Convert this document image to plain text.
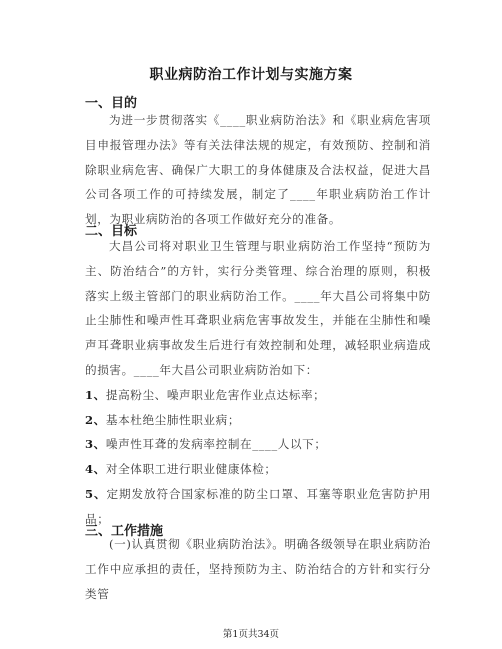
职业病防治工作计划与实施方案
一、目的

为进一步贯彻落实《____职业病防治法》和《职业病危害项目申报管理办法》等有关法律法规的规定，有效预防、控制和消除职业病危害、确保广大职工的身体健康及合法权益，促进大昌公司各项工作的可持续发展，制定了____年职业病防治工作计划，为职业病防治的各项工作做好充分的准备。

二、目标

大昌公司将对职业卫生管理与职业病防治工作坚持“预防为主、防治结合”的方针，实行分类管理、综合治理的原则，积极落实上级主管部门的职业病防治工作。____年大昌公司将集中防止尘肺性和噪声性耳聋职业病危害事故发生，并能在尘肺性和噪声耳聋职业病事故发生后进行有效控制和处理，减轻职业病造成的损害。____年大昌公司职业病防治如下：

1、提高粉尘、噪声职业危害作业点达标率；

2、基本杜绝尘肺性职业病；

3、噪声性耳聋的发病率控制在____人以下；

4、对全体职工进行职业健康体检；

5、定期发放符合国家标准的防尘口罩、耳塞等职业危害防护用品；

三、工作措施

(一)认真贯彻《职业病防治法》。明确各级领导在职业病防治工作中应承担的责任，坚持预防为主、防治结合的方针和实行分类管

第1页共34页
